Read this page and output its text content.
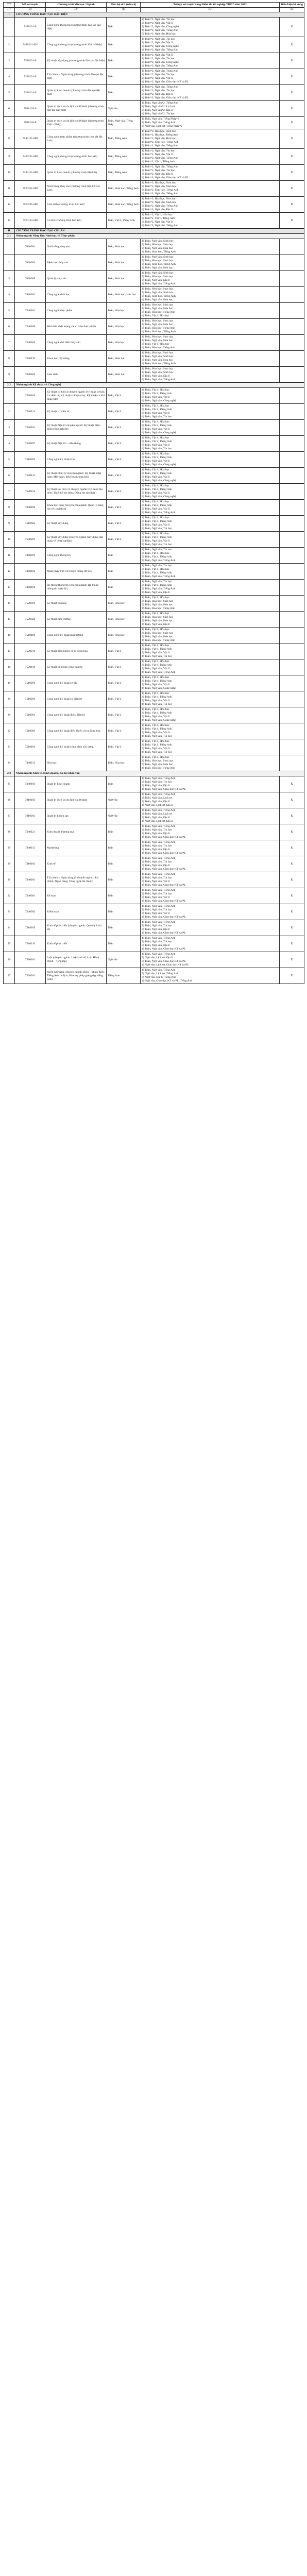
TT	Mã xét tuyển	Chương trình đào tạo / Ngành	Môn hệ số 2 (nếu có)	Tổ hợp xét tuyển bằng Điểm thi tốt nghiệp THPT năm 2023	Điều kiện bổ sung
(1)	(2)	(3)	(4)	(5)	(6)
I	CHƯƠNG TRÌNH ĐÀO TẠO ĐẶC BIỆT				
1	7480201-S	Công nghệ thông tin (chương trình đào tạo đặc biệt)	Toán	1) Toán*2, Ngữ văn, Tin học
2) Toán*2, Ngữ văn, Vật lí
3) Toán*2, Ngữ văn, Công nghệ
4) Toán*2, Ngữ văn, Tiếng Anh
5) Toán*2, Ngữ văn, Hóa học	X
2	7480201-SN	Công nghệ thông tin (chương trình Việt – Nhật)	Toán	1) Toán*2, Ngữ văn, Tin học
2) Toán*2, Ngữ văn, Vật lí
3) Toán*2, Ngữ văn, Công nghệ
4) Toán*2, Ngữ văn, Tiếng Anh	X
3	7580201-S	Kỹ thuật xây dựng (chương trình đào tạo đặc biệt)	Toán	1) Toán*2, Ngữ văn, Vật lí
2) Toán*2, Ngữ văn, Tin học
3) Toán*2, Ngữ văn, Công nghệ
4) Toán*2, Ngữ văn, Tiếng Anh	X
4	7340201-S	Tài chính – Ngân hàng (chương trình đào tạo đặc biệt)	Toán	1) Toán*2, Ngữ văn, Tiếng Anh
2) Toán*2, Ngữ văn, Tin học
3) Toán*2, Ngữ văn, Vật lí
4) Toán*2, Ngữ văn, Giáo dục KT và PL	X
5	7340101-S	Quản trị kinh doanh (chương trình đào tạo đặc biệt)	Toán	1) Toán*2, Ngữ văn, Tiếng Anh
2) Toán*2, Ngữ văn, Tin học
3) Toán*2, Ngữ văn, Địa lí
4) Toán*2, Ngữ văn, Giáo dục KT và PL	X
6	7810103-S	Quản trị dịch vụ du lịch và lữ hành (chương trình đào tạo đặc biệt)	Ngữ văn	1) Toán, Ngữ văn*2, Tiếng Anh
2) Toán, Ngữ văn*2, Lịch sử
3) Toán, Ngữ văn*2, Địa lí
4) Toán, Ngữ văn*2, Tin học	X
7	7810103-P	Quản trị dịch vụ du lịch và lữ hành (chương trình Việt – Pháp)	Toán, Ngữ văn, Tiếng Pháp	1) Toán, Ngữ văn, Tiếng Pháp*2
2) Toán, Ngữ văn, Tiếng Anh
3) Ngữ văn, Lịch sử, Tiếng Pháp*2	X
8	7540101-HN	Công nghệ thực phẩm (chương trình liên kết Hà Lan)	Toán, Tiếng Anh	1) Toán*2, Hóa học, Sinh học
2) Toán*2, Hóa học, Tiếng Anh
3) Toán*2, Ngữ văn, Hóa học
4) Toán*2, Sinh học, Tiếng Anh
5) Toán*2, Ngữ văn, Tiếng Anh	X
9	7480201-HN	Công nghệ thông tin (chương trình liên kết)	Toán, Tiếng Anh	1) Toán*2, Ngữ văn, Tin học
2) Toán*2, Ngữ văn, Vật lí
3) Toán*2, Ngữ văn, Tiếng Anh
4) Toán*2, Vật lí, Tiếng Anh	X
10	7340101-HN	Quản trị kinh doanh (chương trình liên kết)	Toán, Tiếng Anh	1) Toán*2, Ngữ văn, Tiếng Anh
2) Toán*2, Ngữ văn, Tin học
3) Toán*2, Ngữ văn, Địa lí
4) Toán*2, Ngữ văn, Giáo dục KT và PL	X
11	7620301-HN	Nuôi trồng thủy sản (chương trình liên kết Hà Lan)	Toán, Sinh học, Tiếng Anh	1) Toán*2, Hóa học, Sinh học
2) Toán*2, Ngữ văn, Sinh học
3) Toán*2, Sinh học, Tiếng Anh
4) Toán*2, Ngữ văn, Tiếng Anh	X
12	7620205-HN	Lâm sinh (chương trình liên kết)	Toán, Sinh học, Tiếng Anh	1) Toán*2, Hóa học, Sinh học
2) Toán*2, Ngữ văn, Sinh học
3) Toán*2, Ngữ văn, Tiếng Anh
4) Toán*2, Ngữ văn, Địa lí	X
13	7520103-HN	Cơ khí (chương trình liên kết)	Toán, Vật lí, Tiếng Anh	1) Toán*2, Vật lí, Hóa học
2) Toán*2, Vật lí, Tiếng Anh
3) Toán*2, Ngữ văn, Vật lí
4) Toán*2, Ngữ văn, Tiếng Anh	X
II	CHƯƠNG TRÌNH ĐÀO TẠO CHUẨN				
2.1	Nhóm ngành Nông lâm, Sinh học và Thực phẩm				
1	7620301	Nuôi trồng thủy sản	Toán, Sinh học	1) Toán, Ngữ văn, Sinh học
2) Toán, Hóa học, Sinh học
3) Toán, Ngữ văn, Hóa học
4) Toán, Sinh học, Tiếng Anh	
2	7620302	Bệnh học thủy sản	Toán, Sinh học	1) Toán, Ngữ văn, Sinh học
2) Toán, Hóa học, Sinh học
3) Toán, Sinh học, Tiếng Anh
4) Toán, Ngữ văn, Hóa học	
3	7620305	Quản lý thủy sản	Toán, Sinh học	1) Toán, Ngữ văn, Sinh học
2) Toán, Hóa học, Sinh học
3) Toán, Ngữ văn, Địa lí
4) Toán, Ngữ văn, Tiếng Anh	
4	7420201	Công nghệ sinh học	Toán, Sinh học, Hóa học	1) Toán, Hóa học, Sinh học
2) Toán, Ngữ văn, Sinh học
3) Toán, Sinh học, Tiếng Anh
4) Toán, Ngữ văn, Hóa học	
5	7540101	Công nghệ thực phẩm	Toán, Hóa học	1) Toán, Hóa học, Sinh học
2) Toán, Ngữ văn, Hóa học
3) Toán, Hóa học, Tiếng Anh
4) Toán, Vật lí, Hóa học	
6	7540106	Đảm bảo chất lượng và an toàn thực phẩm	Toán, Hóa học	1) Toán, Hóa học, Sinh học
2) Toán, Ngữ văn, Hóa học
3) Toán, Hóa học, Tiếng Anh
4) Toán, Sinh học, Tiếng Anh	
7	7540105	Công nghệ chế biến thủy sản	Toán, Hóa học	1) Toán, Hóa học, Sinh học
2) Toán, Ngữ văn, Hóa học
3) Toán, Vật lí, Hóa học
4) Toán, Hóa học, Tiếng Anh	
8	7620110	Khoa học cây trồng	Toán, Sinh học	1) Toán, Hóa học, Sinh học
2) Toán, Ngữ văn, Sinh học
3) Toán, Ngữ văn, Hóa học
4) Toán, Sinh học, Tiếng Anh	
9	7620205	Lâm sinh	Toán, Sinh học	1) Toán, Hóa học, Sinh học
2) Toán, Ngữ văn, Sinh học
3) Toán, Ngữ văn, Địa lí
4) Toán, Ngữ văn, Tiếng Anh	
2.2	Nhóm ngành Kỹ thuật và Công nghệ				
1	7520103	Kỹ thuật cơ khí (4 chuyên ngành: Kỹ thuật cơ khí; Cơ điện tử; Kỹ thuật chế tạo máy; Kỹ thuật cơ khí động lực)	Toán, Vật lí	1) Toán, Vật lí, Hóa học
2) Toán, Vật lí, Tiếng Anh
3) Toán, Ngữ văn, Vật lí
4) Toán, Ngữ văn, Công nghệ	
2	7520114	Kỹ thuật cơ điện tử	Toán, Vật lí	1) Toán, Vật lí, Hóa học
2) Toán, Vật lí, Tiếng Anh
3) Toán, Ngữ văn, Vật lí
4) Toán, Ngữ văn, Tin học	
3	7520201	Kỹ thuật điện (2 chuyên ngành: Kỹ thuật điện; Điện công nghiệp)	Toán, Vật lí	1) Toán, Vật lí, Hóa học
2) Toán, Vật lí, Tiếng Anh
3) Toán, Ngữ văn, Vật lí
4) Toán, Ngữ văn, Công nghệ	
4	7520207	Kỹ thuật điện tử – viễn thông	Toán, Vật lí	1) Toán, Vật lí, Hóa học
2) Toán, Vật lí, Tiếng Anh
3) Toán, Ngữ văn, Vật lí
4) Toán, Ngữ văn, Tin học	
5	7510205	Công nghệ kỹ thuật ô tô	Toán, Vật lí	1) Toán, Vật lí, Hóa học
2) Toán, Vật lí, Tiếng Anh
3) Toán, Ngữ văn, Vật lí
4) Toán, Ngữ văn, Công nghệ	
6	7520115	Kỹ thuật nhiệt (2 chuyên ngành: Kỹ thuật nhiệt lạnh; Máy lạnh, điều hòa không khí)	Toán, Vật lí	1) Toán, Vật lí, Hóa học
2) Toán, Vật lí, Tiếng Anh
3) Toán, Ngữ văn, Vật lí
4) Toán, Ngữ văn, Công nghệ	
7	7520122	Kỹ thuật tàu thủy (3 chuyên ngành: Kỹ thuật tàu thủy; Thiết kế tàu thủy; Động lực tàu thủy)	Toán, Vật lí	1) Toán, Vật lí, Hóa học
2) Toán, Vật lí, Tiếng Anh
3) Toán, Ngữ văn, Vật lí
4) Toán, Ngữ văn, Công nghệ	
8	7840106	Khoa học hàng hải (chuyên ngành: Quản lý hàng hải và Logistics)	Toán, Vật lí	1) Toán, Vật lí, Hóa học
2) Toán, Vật lí, Tiếng Anh
3) Toán, Ngữ văn, Vật lí
4) Toán, Ngữ văn, Tiếng Anh	
9	7510605	Kỹ thuật xây dựng	Toán, Vật lí	1) Toán, Vật lí, Hóa học
2) Toán, Vật lí, Tiếng Anh
3) Toán, Ngữ văn, Vật lí
4) Toán, Ngữ văn, Tin học	
10	7580201	Kỹ thuật xây dựng (chuyên ngành Xây dựng dân dụng và công nghiệp)	Toán, Vật lí	1) Toán, Vật lí, Hóa học
2) Toán, Vật lí, Tiếng Anh
3) Toán, Ngữ văn, Vật lí
4) Toán, Ngữ văn, Tin học	
11	7480201	Công nghệ thông tin	Toán	1) Toán, Ngữ văn, Tin học
2) Toán, Vật lí, Hóa học
3) Toán, Vật lí, Tiếng Anh
4) Toán, Ngữ văn, Tiếng Anh	
12	7480102	Mạng máy tính và truyền thông dữ liệu	Toán	1) Toán, Ngữ văn, Tin học
2) Toán, Vật lí, Hóa học
3) Toán, Vật lí, Tiếng Anh
4) Toán, Ngữ văn, Tiếng Anh	
13	7480104	Hệ thống thông tin (chuyên ngành: Hệ thống thông tin quản lý)	Toán	1) Toán, Ngữ văn, Tin học
2) Toán, Vật lí, Tiếng Anh
3) Toán, Ngữ văn, Tiếng Anh
4) Toán, Ngữ văn, Địa lí	
14	7520301	Kỹ thuật hóa học	Toán, Hóa học	1) Toán, Vật lí, Hóa học
2) Toán, Hóa học, Sinh học
3) Toán, Ngữ văn, Hóa học
4) Toán, Hóa học, Tiếng Anh	
15	7520320	Kỹ thuật môi trường	Toán, Hóa học	1) Toán, Vật lí, Hóa học
2) Toán, Hóa học, Sinh học
3) Toán, Ngữ văn, Hóa học
4) Toán, Ngữ văn, Địa lí	
16	7510406	Công nghệ kỹ thuật môi trường	Toán, Hóa học	1) Toán, Vật lí, Hóa học
2) Toán, Hóa học, Sinh học
3) Toán, Ngữ văn, Hóa học
4) Toán, Hóa học, Tiếng Anh	
17	7520216	Kỹ thuật điều khiển và tự động hóa	Toán, Vật lí	1) Toán, Vật lí, Hóa học
2) Toán, Vật lí, Tiếng Anh
3) Toán, Ngữ văn, Vật lí
4) Toán, Ngữ văn, Tin học	
18	7520118	Kỹ thuật hệ thống công nghiệp	Toán, Vật lí	1) Toán, Vật lí, Hóa học
2) Toán, Vật lí, Tiếng Anh
3) Toán, Ngữ văn, Vật lí
4) Toán, Ngữ văn, Tiếng Anh	
19	7510201	Công nghệ kỹ thuật cơ khí	Toán, Vật lí	1) Toán, Vật lí, Hóa học
2) Toán, Vật lí, Tiếng Anh
3) Toán, Ngữ văn, Vật lí
4) Toán, Ngữ văn, Công nghệ	
20	7510203	Công nghệ kỹ thuật cơ điện tử	Toán, Vật lí	1) Toán, Vật lí, Hóa học
2) Toán, Vật lí, Tiếng Anh
3) Toán, Ngữ văn, Vật lí
4) Toán, Ngữ văn, Tin học	
21	7510301	Công nghệ kỹ thuật điện, điện tử	Toán, Vật lí	1) Toán, Vật lí, Hóa học
2) Toán, Vật lí, Tiếng Anh
3) Toán, Ngữ văn, Vật lí
4) Toán, Ngữ văn, Công nghệ	
22	7510303	Công nghệ kỹ thuật điều khiển và tự động hóa	Toán, Vật lí	1) Toán, Vật lí, Hóa học
2) Toán, Vật lí, Tiếng Anh
3) Toán, Ngữ văn, Vật lí
4) Toán, Ngữ văn, Tin học	
23	7510102	Công nghệ kỹ thuật công trình xây dựng	Toán, Vật lí	1) Toán, Vật lí, Hóa học
2) Toán, Vật lí, Tiếng Anh
3) Toán, Ngữ văn, Vật lí
4) Toán, Ngữ văn, Tin học	
24	7440112	Hóa học	Toán, Hóa học	1) Toán, Vật lí, Hóa học
2) Toán, Hóa học, Sinh học
3) Toán, Ngữ văn, Hóa học
4) Toán, Hóa học, Tiếng Anh	
2.3	Nhóm ngành Kinh tế, Kinh doanh, Xã hội nhân văn				
25	7340101	Quản trị kinh doanh	Toán	1) Toán, Ngữ văn, Tiếng Anh
2) Toán, Ngữ văn, Tin học
3) Toán, Ngữ văn, Địa lí
4) Toán, Ngữ văn, Giáo dục KT và PL	X
26	7810103	Quản trị dịch vụ du lịch và lữ hành	Ngữ văn	1) Toán, Ngữ văn, Tiếng Anh
2) Toán, Ngữ văn, Lịch sử
3) Toán, Ngữ văn, Địa lí
4) Ngữ văn, Lịch sử, Địa lí	X
27	7810201	Quản trị khách sạn	Ngữ văn	1) Toán, Ngữ văn, Tiếng Anh
2) Toán, Ngữ văn, Lịch sử
3) Toán, Ngữ văn, Địa lí
4) Ngữ văn, Lịch sử, Địa lí	X
28	7340121	Kinh doanh thương mại	Toán	1) Toán, Ngữ văn, Tiếng Anh
2) Toán, Ngữ văn, Tin học
3) Toán, Ngữ văn, Địa lí
4) Toán, Ngữ văn, Giáo dục KT và PL	X
29	7340115	Marketing	Toán	1) Toán, Ngữ văn, Tiếng Anh
2) Toán, Ngữ văn, Tin học
3) Toán, Ngữ văn, Địa lí
4) Toán, Ngữ văn, Giáo dục KT và PL	X
30	7310101	Kinh tế	Toán	1) Toán, Ngữ văn, Tiếng Anh
2) Toán, Ngữ văn, Tin học
3) Toán, Ngữ văn, Địa lí
4) Toán, Ngữ văn, Giáo dục KT và PL	X
31	7340201	Tài chính – Ngân hàng (3 chuyên ngành: Tài chính; Ngân hàng; Công nghệ tài chính)	Toán	1) Toán, Ngữ văn, Tiếng Anh
2) Toán, Ngữ văn, Tin học
3) Toán, Ngữ văn, Vật lí
4) Toán, Ngữ văn, Giáo dục KT và PL	X
32	7340301	Kế toán	Toán	1) Toán, Ngữ văn, Tiếng Anh
2) Toán, Ngữ văn, Tin học
3) Toán, Ngữ văn, Vật lí
4) Toán, Ngữ văn, Giáo dục KT và PL	X
33	7340302	Kiểm toán	Toán	1) Toán, Ngữ văn, Tiếng Anh
2) Toán, Ngữ văn, Tin học
3) Toán, Ngữ văn, Vật lí
4) Toán, Ngữ văn, Giáo dục KT và PL	X
34	7310105	Kinh tế phát triển (chuyên ngành: Quản lý kinh tế)	Toán	1) Toán, Ngữ văn, Tiếng Anh
2) Toán, Ngữ văn, Tin học
3) Toán, Ngữ văn, Địa lí
4) Toán, Ngữ văn, Giáo dục KT và PL	X
35	7310110	Kinh tế phát triển	Toán	1) Toán, Ngữ văn, Tiếng Anh
2) Toán, Ngữ văn, Tin học
3) Toán, Ngữ văn, Địa lí
4) Toán, Ngữ văn, Giáo dục KT và PL	X
36	7380101	Luật (chuyên ngành: Luật kinh tế; Luật Hành chính – Tư pháp)	Ngữ văn	1) Toán, Ngữ văn, Tiếng Anh
2) Ngữ văn, Lịch sử, Địa lí
3) Toán, Ngữ văn, Giáo dục KT và PL
4) Ngữ văn, Lịch sử, Giáo dục KT và PL	X
37	7220201	Ngôn ngữ Anh (chuyên ngành: Biên – phiên dịch; Tiếng Anh du lịch; Phương pháp giảng dạy tiếng Anh)	Tiếng Anh	1) Toán, Ngữ văn, Tiếng Anh
2) Ngữ văn, Lịch sử, Tiếng Anh
3) Ngữ văn, Địa lí, Tiếng Anh
4) Ngữ văn, Giáo dục KT và PL, Tiếng Anh	X
